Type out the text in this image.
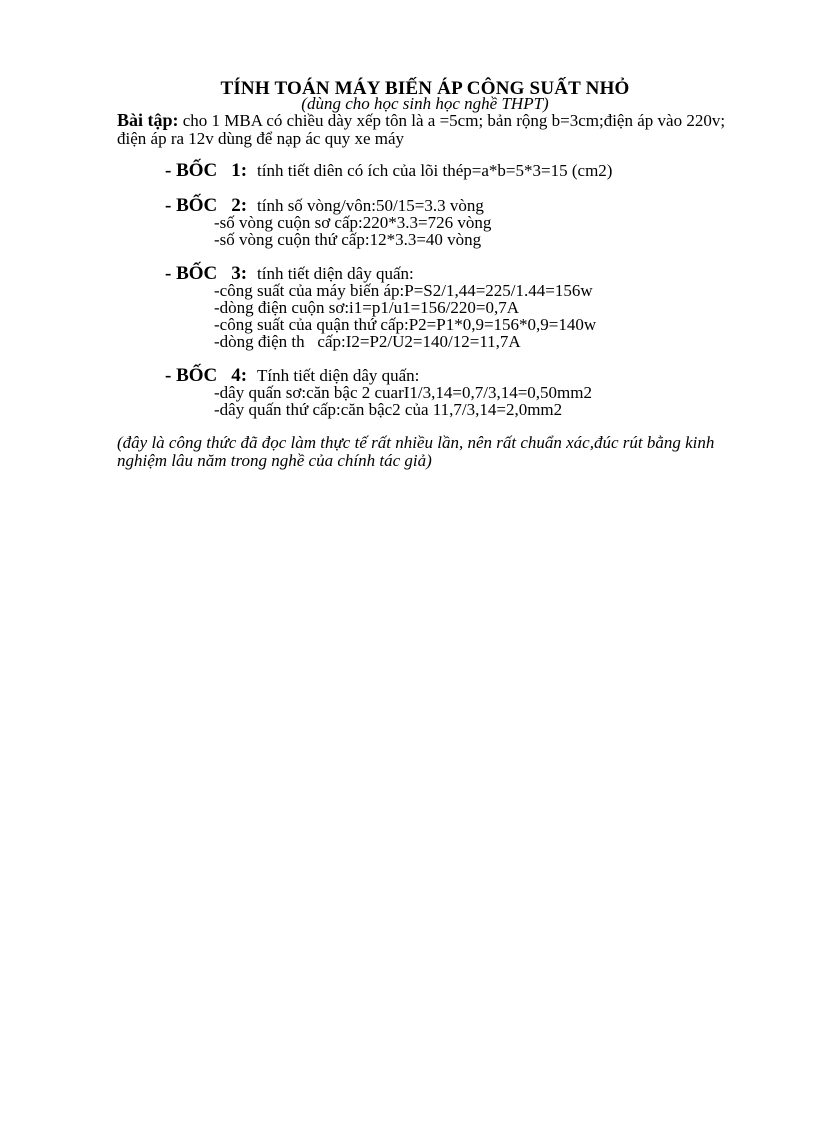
TÍNH TOÁN MÁY BIẾN ÁP CÔNG SUẤT NHỎ
(dùng cho học sinh học nghề THPT)
Bài tập: cho 1 MBA có chiều dày xếp tôn là a =5cm; bản rộng b=3cm;điện áp vào 220v; điện áp ra 12v dùng để nạp ác quy xe máy
- BỐC 1: tính tiết diên có ích của lõi thép=a*b=5*3=15 (cm2)
- BỐC 2: tính số vòng/vôn:50/15=3.3 vòng
-số vòng cuộn sơ cấp:220*3.3=726 vòng
-số vòng cuộn thứ cấp:12*3.3=40 vòng
- BỐC 3: tính tiết diện dây quấn:
-công suất của máy biến áp:P=S2/1,44=225/1.44=156w
-dòng điện cuộn sơ:i1=p1/u1=156/220=0,7A
-công suất của quận thứ cấp:P2=P1*0,9=156*0,9=140w
-dòng điện th   cấp:I2=P2/U2=140/12=11,7A
- BỐC 4: Tính tiết diện dây quấn:
-dây quấn sơ:căn bậc 2 cuarI1/3,14=0,7/3,14=0,50mm2
-dây quấn thứ cấp:căn bậc2 của 11,7/3,14=2,0mm2
(đây là công thức đã đọc làm thực tế rất nhiều lần, nên rất chuẩn xác,đúc rút bằng kinh nghiệm lâu năm trong nghề của chính tác giả)
